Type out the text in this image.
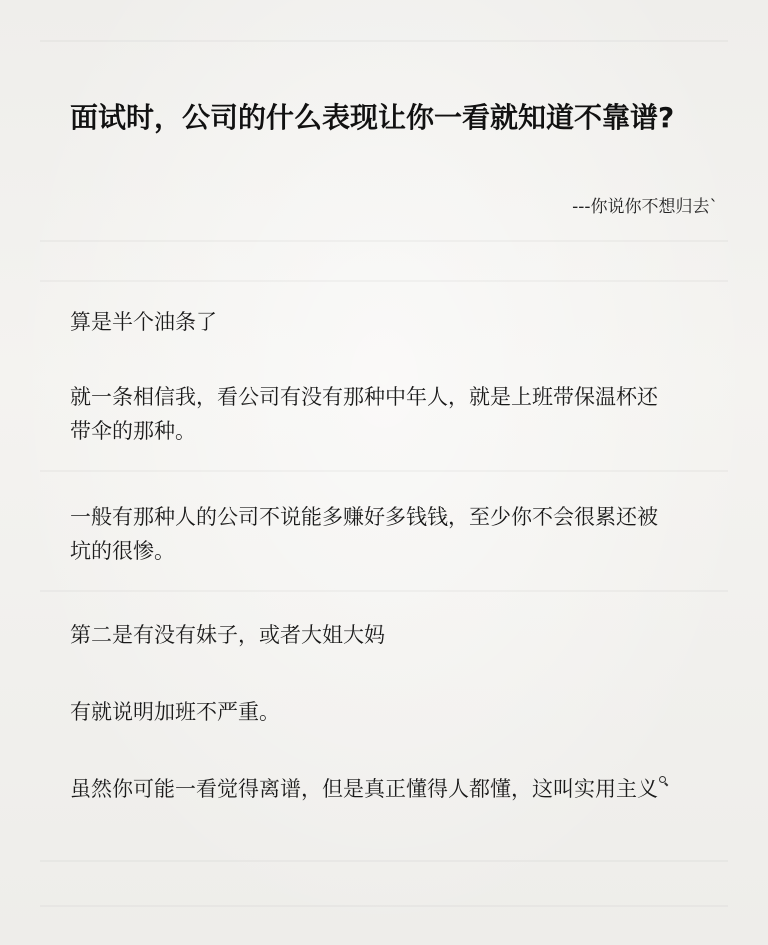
面试时，公司的什么表现让你一看就知道不靠谱?
---你说你不想归去`
算是半个油条了
就一条相信我，看公司有没有那种中年人，就是上班带保温杯还带伞的那种。
一般有那种人的公司不说能多赚好多钱钱，至少你不会很累还被坑的很惨。
第二是有没有妹子，或者大姐大妈
有就说明加班不严重。
虽然你可能一看觉得离谱，但是真正懂得人都懂，这叫实用主义
